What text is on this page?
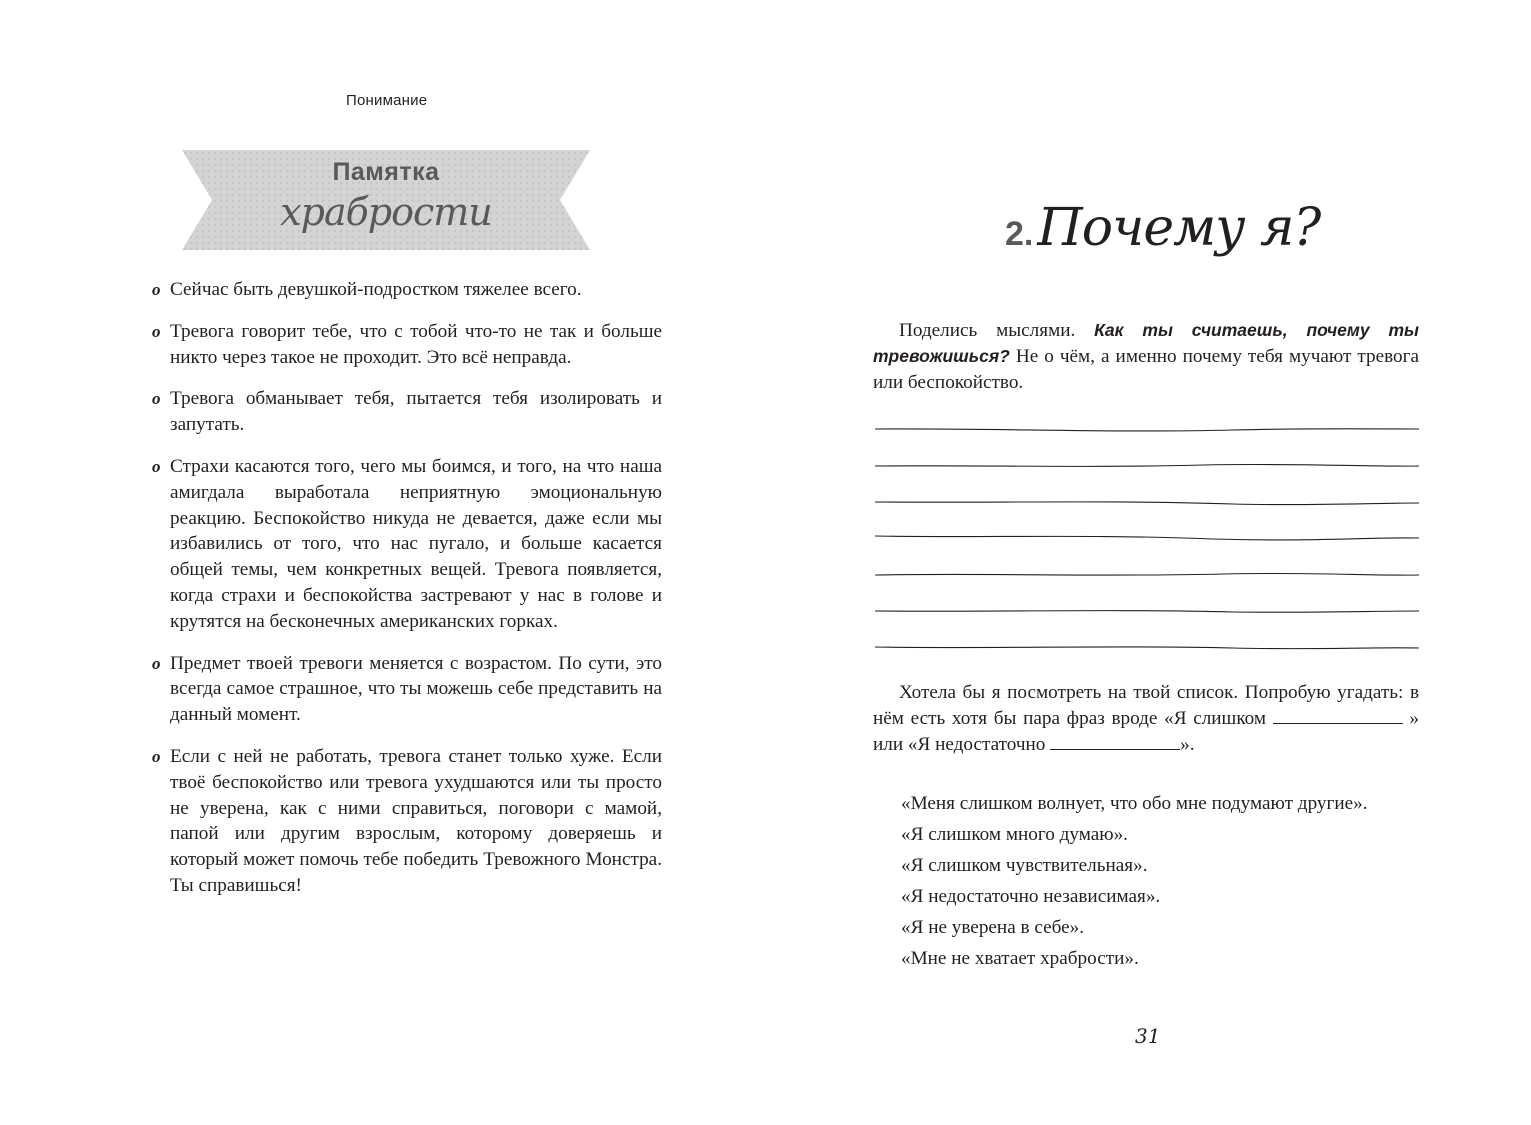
Понимание
Памятка
храбрости
o Сейчас быть девушкой-подростком тяжелее всего.
o Тревога говорит тебе, что с тобой что-то не так и больше никто через такое не проходит. Это всё неправда.
o Тревога обманывает тебя, пытается тебя изолировать и запутать.
o Страхи касаются того, чего мы боимся, и того, на что наша амигдала выработала неприятную эмоциональную реакцию. Беспокойство никуда не девается, даже если мы избавились от того, что нас пугало, и больше касается общей темы, чем конкретных вещей. Тревога появляется, когда страхи и беспокойства застревают у нас в голове и крутятся на бесконечных американских горках.
o Предмет твоей тревоги меняется с возрастом. По сути, это всегда самое страшное, что ты можешь себе представить на данный момент.
o Если с ней не работать, тревога станет только хуже. Если твоё беспокойство или тревога ухудшаются или ты просто не уверена, как с ними справиться, поговори с мамой, папой или другим взрослым, которому доверяешь и который может помочь тебе победить Тревожного Монстра. Ты справишься!
2. Почему я?

Поделись мыслями. Как ты считаешь, почему ты тревожишься? Не о чём, а именно почему тебя мучают тревога или беспокойство.

Хотела бы я посмотреть на твой список. Попробую угадать: в нём есть хотя бы пара фраз вроде «Я слишком	» или «Я недостаточно	».

«Меня слишком волнует, что обо мне подумают другие».
«Я слишком много думаю».
«Я слишком чувствительная».
«Я недостаточно независимая».
«Я не уверена в себе».
«Мне не хватает храбрости».
31
